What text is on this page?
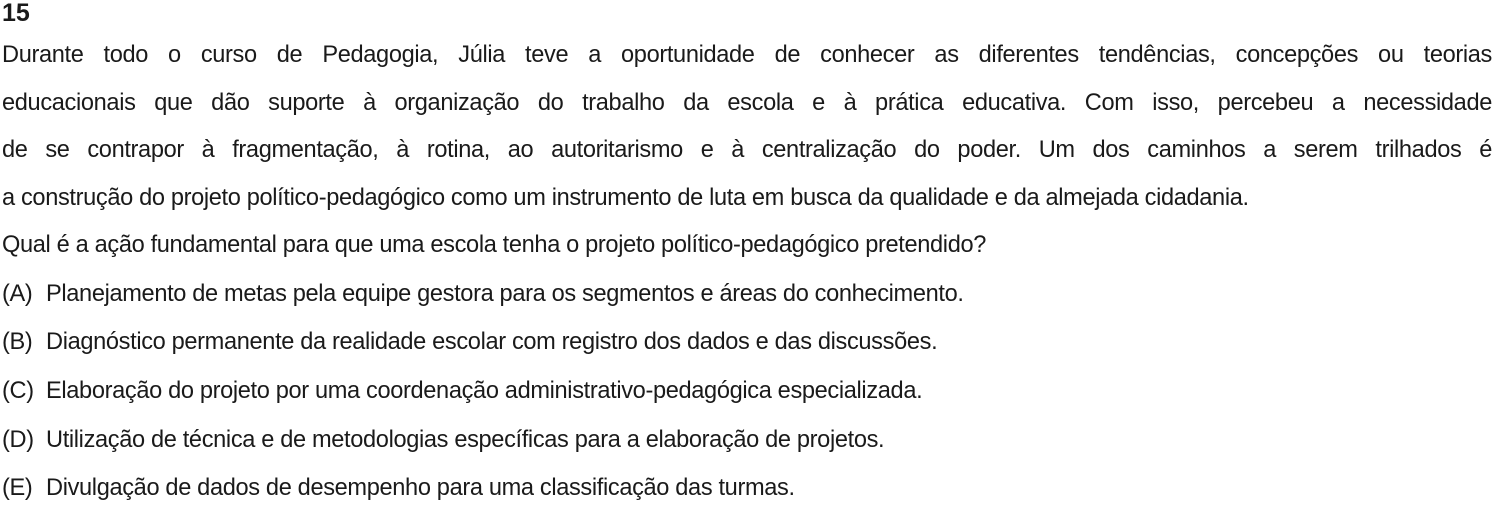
15
Durante todo o curso de Pedagogia, Júlia teve a oportunidade de conhecer as diferentes tendências, concepções ou teorias
educacionais que dão suporte à organização do trabalho da escola e à prática educativa. Com isso, percebeu a necessidade
de se contrapor à fragmentação, à rotina, ao autoritarismo e à centralização do poder. Um dos caminhos a serem trilhados é
a construção do projeto político-pedagógico como um instrumento de luta em busca da qualidade e da almejada cidadania.
Qual é a ação fundamental para que uma escola tenha o projeto político-pedagógico pretendido?
(A) Planejamento de metas pela equipe gestora para os segmentos e áreas do conhecimento.
(B) Diagnóstico permanente da realidade escolar com registro dos dados e das discussões.
(C) Elaboração do projeto por uma coordenação administrativo-pedagógica especializada.
(D) Utilização de técnica e de metodologias específicas para a elaboração de projetos.
(E) Divulgação de dados de desempenho para uma classificação das turmas.
